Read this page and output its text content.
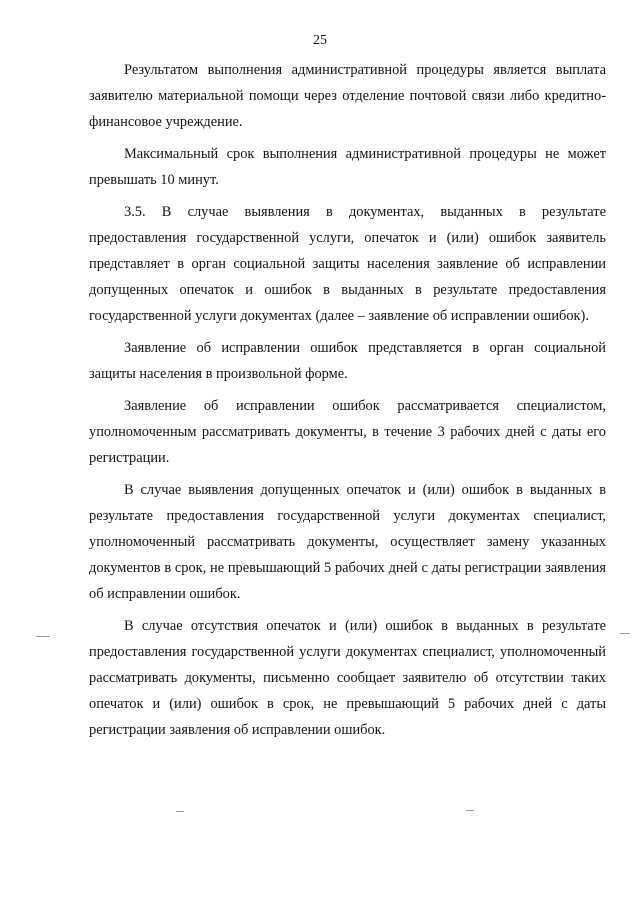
25

Результатом выполнения административной процедуры является выплата заявителю материальной помощи через отделение почтовой связи либо кредитно-финансовое учреждение.

Максимальный срок выполнения административной процедуры не может превышать 10 минут.

3.5. В случае выявления в документах, выданных в результате предоставления государственной услуги, опечаток и (или) ошибок заявитель представляет в орган социальной защиты населения заявление об исправлении допущенных опечаток и ошибок в выданных в результате предоставления государственной услуги документах (далее – заявление об исправлении ошибок).

Заявление об исправлении ошибок представляется в орган социальной защиты населения в произвольной форме.

Заявление об исправлении ошибок рассматривается специалистом, уполномоченным рассматривать документы, в течение 3 рабочих дней с даты его регистрации.

В случае выявления допущенных опечаток и (или) ошибок в выданных в результате предоставления государственной услуги документах специалист, уполномоченный рассматривать документы, осуществляет замену указанных документов в срок, не превышающий 5 рабочих дней с даты регистрации заявления об исправлении ошибок.

В случае отсутствия опечаток и (или) ошибок в выданных в результате предоставления государственной услуги документах специалист, уполномоченный рассматривать документы, письменно сообщает заявителю об отсутствии таких опечаток и (или) ошибок в срок, не превышающий 5 рабочих дней с даты регистрации заявления об исправлении ошибок.
